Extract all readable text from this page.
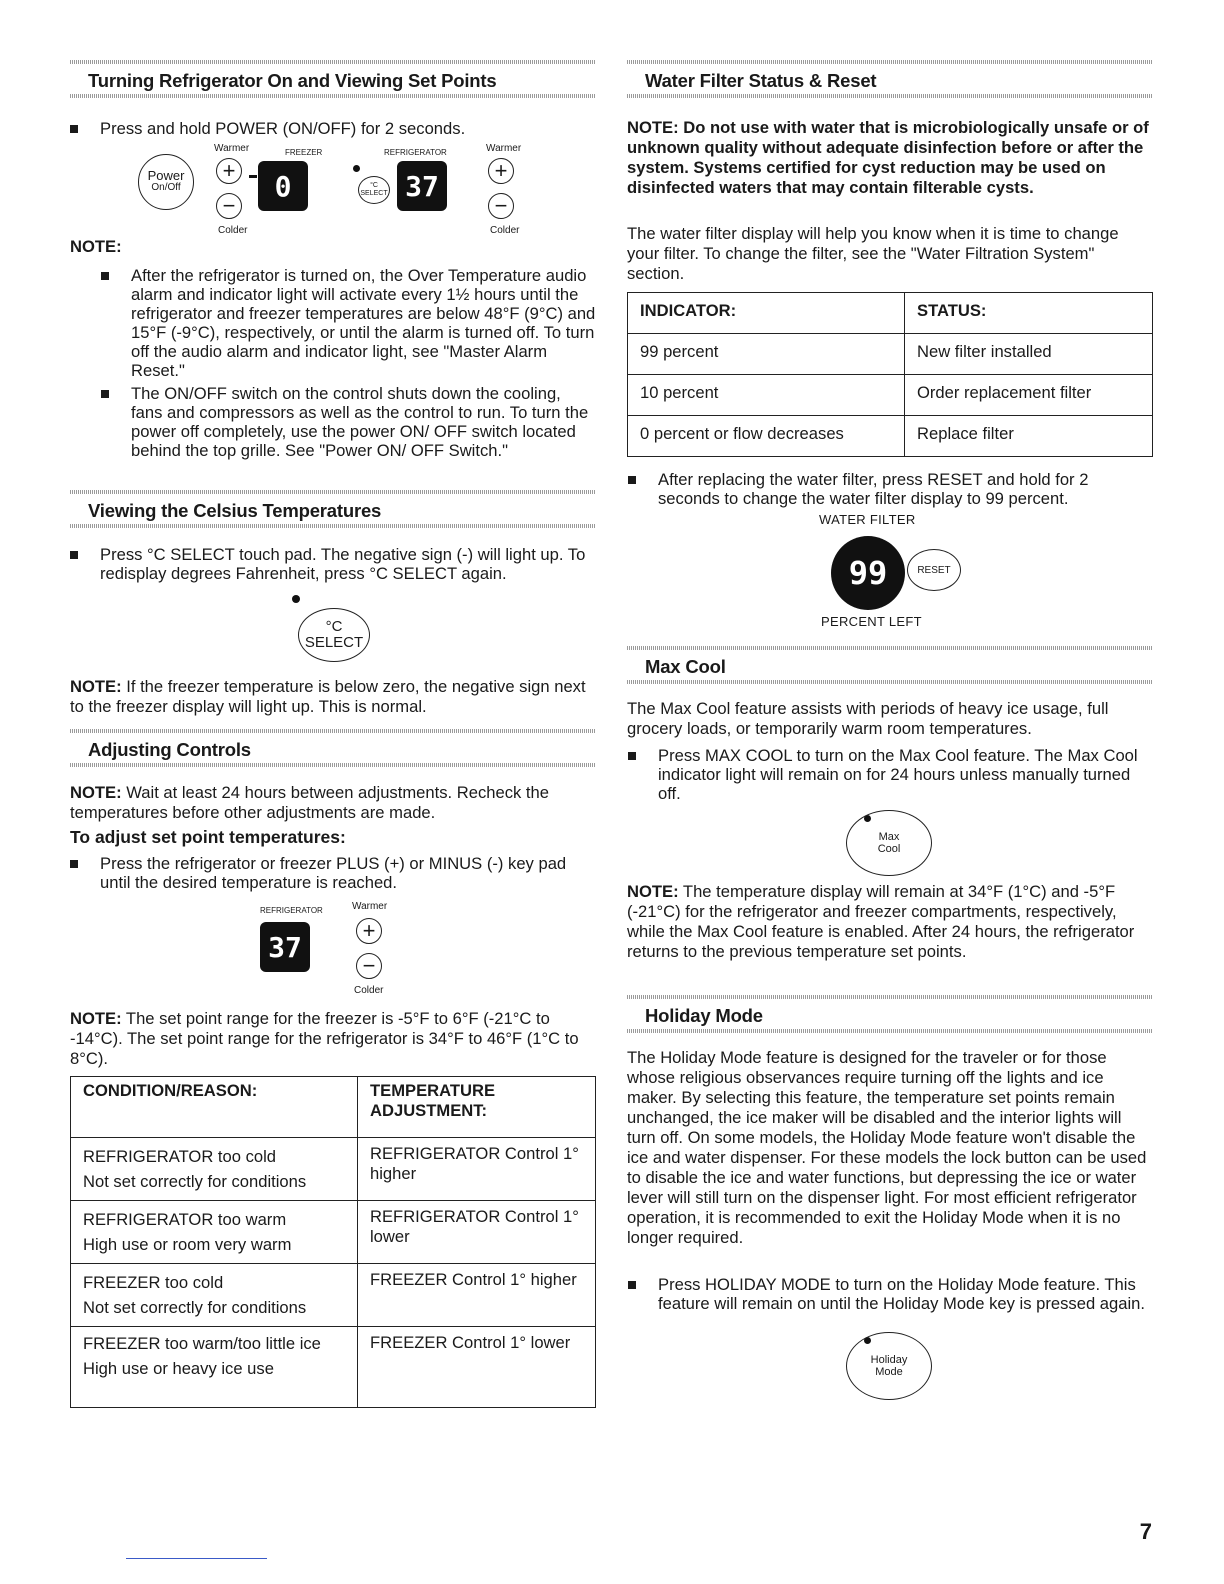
Turning Refrigerator On and Viewing Set Points
Press and hold POWER (ON/OFF) for 2 seconds.
Power
On/Off
Warmer	FREEZER
+
−
0	°C
SELECT
REFRIGERATOR
37
Warmer
+
−
Colder	Colder
NOTE:
After the refrigerator is turned on, the Over Temperature audio alarm and indicator light will activate every 1½ hours until the refrigerator and freezer temperatures are below 48°F (9°C) and 15°F (-9°C), respectively, or until the alarm is turned off. To turn off the audio alarm and indicator light, see "Master Alarm Reset."
The ON/OFF switch on the control shuts down the cooling, fans and compressors as well as the control to run. To turn the power off completely, use the power ON/ OFF switch located behind the top grille. See "Power ON/ OFF Switch."
Viewing the Celsius Temperatures
Press °C SELECT touch pad. The negative sign (-) will light up. To redisplay degrees Fahrenheit, press °C SELECT again.
°C
SELECT
NOTE: If the freezer temperature is below zero, the negative sign next to the freezer display will light up. This is normal.
Adjusting Controls
NOTE: Wait at least 24 hours between adjustments. Recheck the temperatures before other adjustments are made.
To adjust set point temperatures:
Press the refrigerator or freezer PLUS (+) or MINUS (-) key pad until the desired temperature is reached.
REFRIGERATOR	Warmer
37	+
−
Colder
NOTE: The set point range for the freezer is -5°F to 6°F (-21°C to -14°C). The set point range for the refrigerator is 34°F to 46°F (1°C to 8°C).
CONDITION/REASON:	TEMPERATURE ADJUSTMENT:

REFRIGERATOR too cold
Not set correctly for conditions	REFRIGERATOR Control 1° higher

REFRIGERATOR too warm
High use or room very warm	REFRIGERATOR Control 1° lower

FREEZER too cold
Not set correctly for conditions	FREEZER Control 1° higher

FREEZER too warm/too little ice
High use or heavy ice use	FREEZER Control 1° lower
Water Filter Status & Reset
NOTE: Do not use with water that is microbiologically unsafe or of unknown quality without adequate disinfection before or after the system. Systems certified for cyst reduction may be used on disinfected waters that may contain filterable cysts.
The water filter display will help you know when it is time to change your filter. To change the filter, see the "Water Filtration System" section.
INDICATOR:	STATUS:
99 percent	New filter installed
10 percent	Order replacement filter
0 percent or flow decreases	Replace filter
After replacing the water filter, press RESET and hold for 2 seconds to change the water filter display to 99 percent.
WATER FILTER
99	RESET
PERCENT LEFT
Max Cool
The Max Cool feature assists with periods of heavy ice usage, full grocery loads, or temporarily warm room temperatures.
Press MAX COOL to turn on the Max Cool feature. The Max Cool indicator light will remain on for 24 hours unless manually turned off.
Max
Cool
NOTE: The temperature display will remain at 34°F (1°C) and -5°F (-21°C) for the refrigerator and freezer compartments, respectively, while the Max Cool feature is enabled. After 24 hours, the refrigerator returns to the previous temperature set points.
Holiday Mode
The Holiday Mode feature is designed for the traveler or for those whose religious observances require turning off the lights and ice maker. By selecting this feature, the temperature set points remain unchanged, the ice maker will be disabled and the interior lights will turn off. On some models, the Holiday Mode feature won't disable the ice and water dispenser. For these models the lock button can be used to disable the ice and water functions, but depressing the ice or water lever will still turn on the dispenser light. For most efficient refrigerator operation, it is recommended to exit the Holiday Mode when it is no longer required.
Press HOLIDAY MODE to turn on the Holiday Mode feature. This feature will remain on until the Holiday Mode key is pressed again.
Holiday
Mode
7
